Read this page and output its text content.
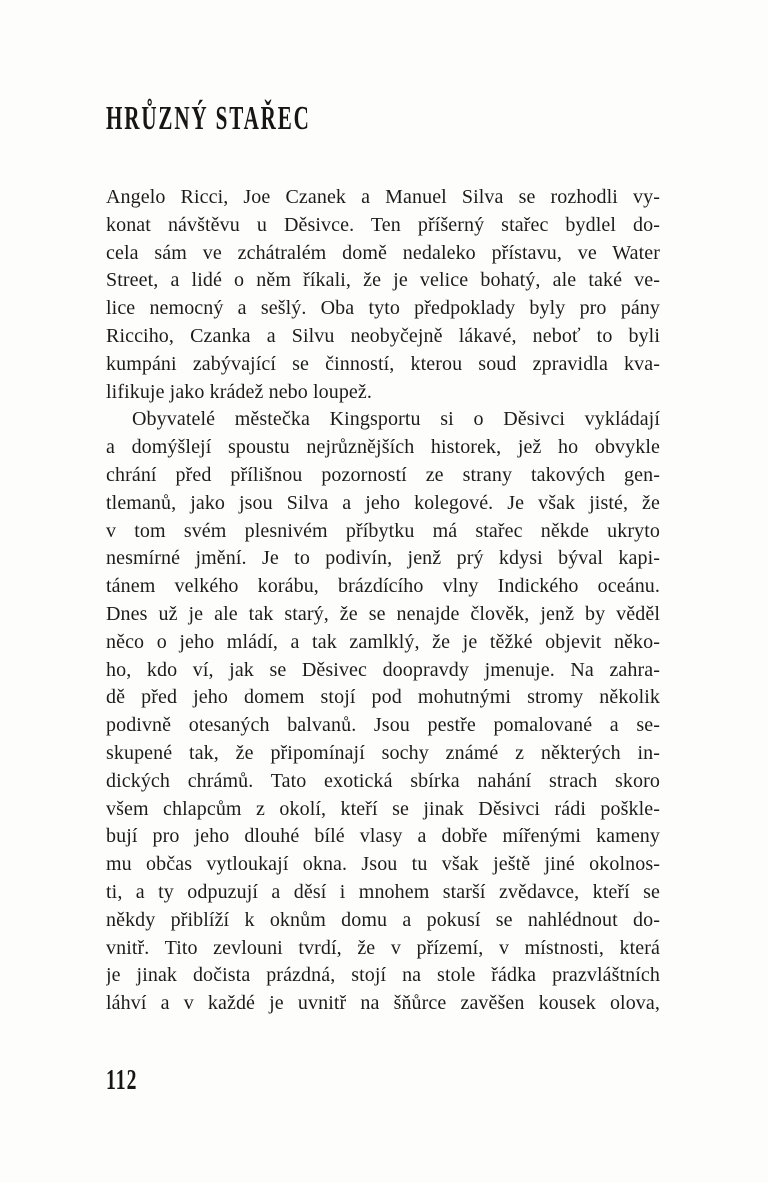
HRŮZNÝ STAŘEC
Angelo Ricci, Joe Czanek a Manuel Silva se rozhodli vy-
konat návštěvu u Děsivce. Ten příšerný stařec bydlel do-
cela sám ve zchátralém domě nedaleko přístavu, ve Water
Street, a lidé o něm říkali, že je velice bohatý, ale také ve-
lice nemocný a sešlý. Oba tyto předpoklady byly pro pány
Ricciho, Czanka a Silvu neobyčejně lákavé, neboť to byli
kumpáni zabývající se činností, kterou soud zpravidla kva-
lifikuje jako krádež nebo loupež.
Obyvatelé městečka Kingsportu si o Děsivci vykládají
a domýšlejí spoustu nejrůznějších historek, jež ho obvykle
chrání před přílišnou pozorností ze strany takových gen-
tlemanů, jako jsou Silva a jeho kolegové. Je však jisté, že
v tom svém plesnivém příbytku má stařec někde ukryto
nesmírné jmění. Je to podivín, jenž prý kdysi býval kapi-
tánem velkého korábu, brázdícího vlny Indického oceánu.
Dnes už je ale tak starý, že se nenajde člověk, jenž by věděl
něco o jeho mládí, a tak zamlklý, že je těžké objevit něko-
ho, kdo ví, jak se Děsivec doopravdy jmenuje. Na zahra-
dě před jeho domem stojí pod mohutnými stromy několik
podivně otesaných balvanů. Jsou pestře pomalované a se-
skupené tak, že připomínají sochy známé z některých in-
dických chrámů. Tato exotická sbírka nahání strach skoro
všem chlapcům z okolí, kteří se jinak Děsivci rádi poškle-
bují pro jeho dlouhé bílé vlasy a dobře mířenými kameny
mu občas vytloukají okna. Jsou tu však ještě jiné okolnos-
ti, a ty odpuzují a děsí i mnohem starší zvědavce, kteří se
někdy přiblíží k oknům domu a pokusí se nahlédnout do-
vnitř. Tito zevlouni tvrdí, že v přízemí, v místnosti, která
je jinak dočista prázdná, stojí na stole řádka prazvláštních
láhví a v každé je uvnitř na šňůrce zavěšen kousek olova,
112
